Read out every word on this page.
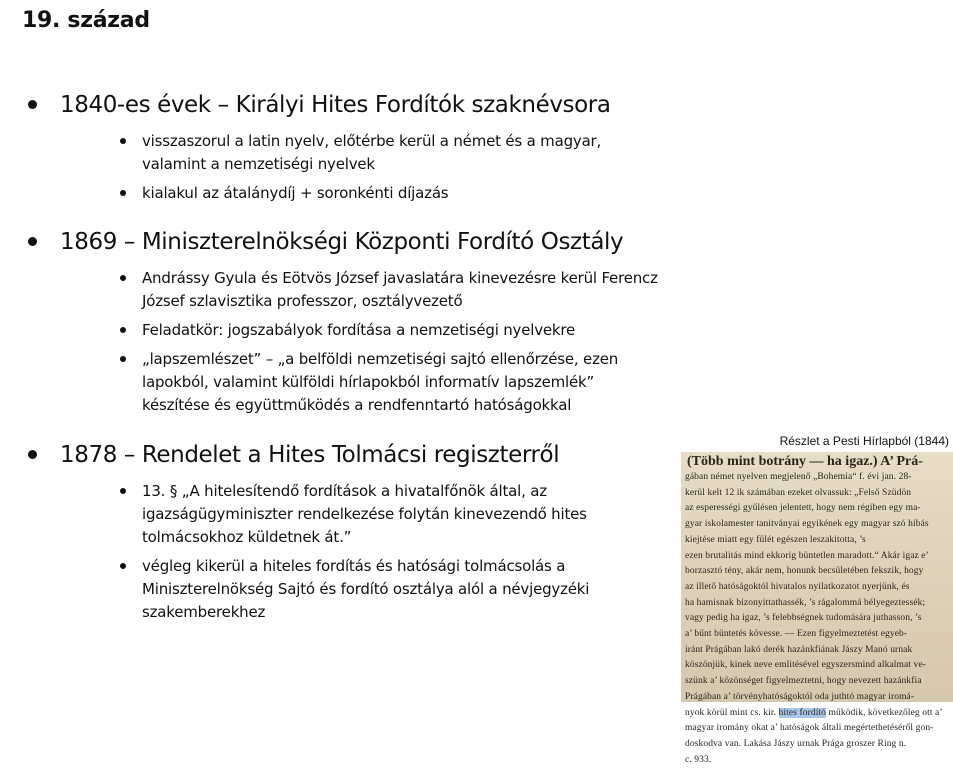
19. század
1840-es évek – Királyi Hites Fordítók szaknévsora
visszaszorul a latin nyelv, előtérbe kerül a német és a magyar,
valamint a nemzetiségi nyelvek
kialakul az átalánydíj + soronkénti díjazás
1869 – Miniszterelnökségi Központi Fordító Osztály
Andrássy Gyula és Eötvös József javaslatára kinevezésre kerül Ferencz
József szlavisztika professzor, osztályvezető
Feladatkör: jogszabályok fordítása a nemzetiségi nyelvekre
„lapszemlészet” – „a belföldi nemzetiségi sajtó ellenőrzése, ezen
lapokból, valamint külföldi hírlapokból informatív lapszemlék”
készítése és együttműködés a rendfenntartó hatóságokkal
1878 – Rendelet a Hites Tolmácsi regiszterről
13. § „A hitelesítendő fordítások a hivatalfőnök által, az
igazságügyminiszter rendelkezése folytán kinevezendő hites
tolmácsokhoz küldetnek át.”
végleg kikerül a hiteles fordítás és hatósági tolmácsolás a
Miniszterelnökség Sajtó és fordító osztálya alól a névjegyzéki
szakemberekhez
Részlet a Pesti Hírlapból (1844)
(Több mint botrány — ha igaz.) A’ Prá-
gában német nyelven megjelenő „Bohemia“ f. évi jan. 28-
kerül kelt 12 ik számában ezeket olvassuk: „Felső Szüdön
az esperességi gyűlésen jelentett, hogy nem régiben egy ma-
gyar iskolamester tanitványai egyikének egy magyar szó hibás
kiejtése miatt egy fülét egészen leszakitotta, ’s
ezen brutalitás mind ekkorig büntetlen maradott.“ Akár igaz e’
borzasztó tény, akár nem, honunk becsületében fekszik, hogy
az illető hatóságoktól hivatalos nyilatkozatot nyerjünk, és
ha hamisnak bizonyittathassék, ’s rágalommá bélyegeztessék;
vagy pedig ha igaz, ’s felebbségnek tudomására juthasson, ’s
a’ bűnt büntetés kövesse. — Ezen figyelmeztetést egyeb-
iránt Prágában lakó derék hazánkfiának Jászy Manó urnak
köszönjük, kinek neve emlitésével egyszersmind alkalmat ve-
szünk a’ közönséget figyelmeztetni, hogy nevezett hazánkfia
Prágában a’ törvényhatóságoktól oda juthtó magyar iromá-
nyok körül mint cs. kir. hites fordító működik, következőleg ott a’
magyar iromány okat a’ hatóságok általi megértethetéséről gon-
doskodva van. Lakása Jászy urnak Prága groszer Ring n.
c. 933.
